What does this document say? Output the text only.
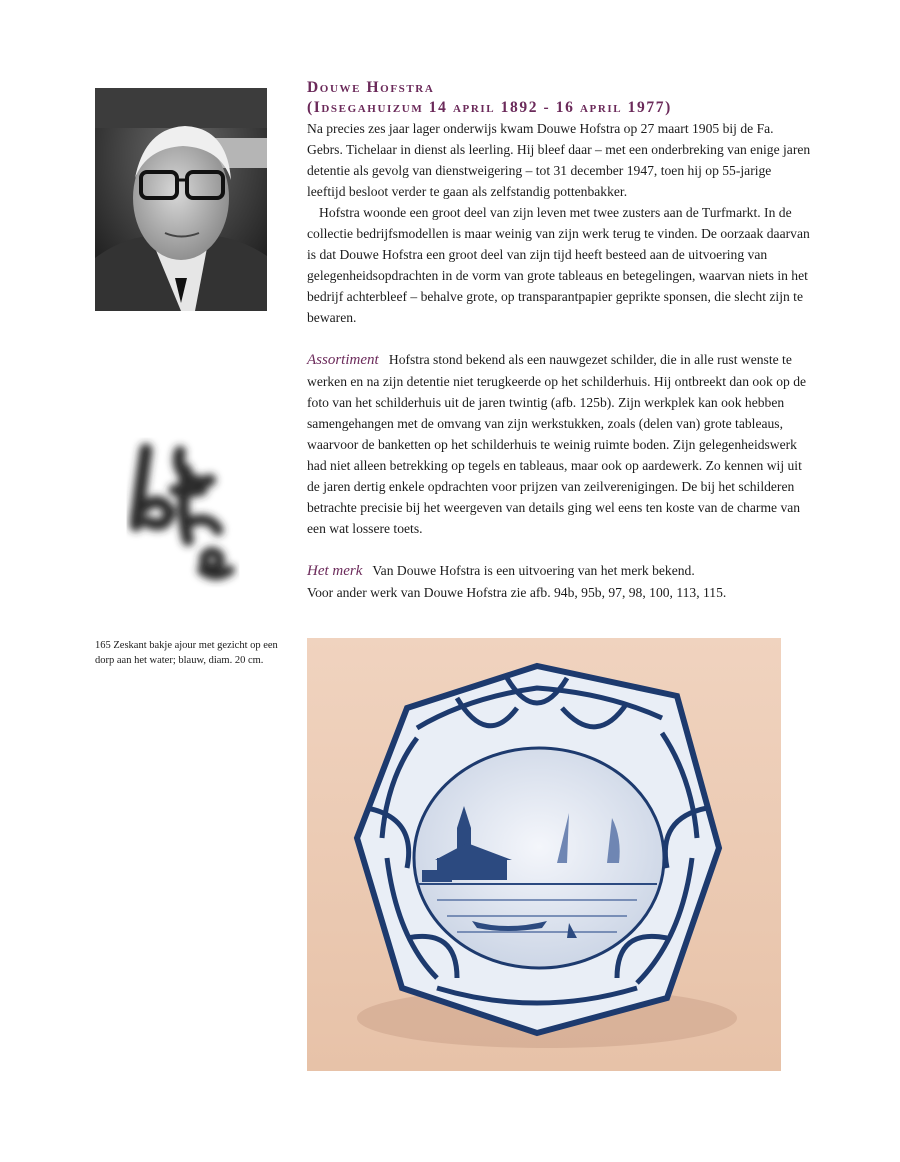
Douwe Hofstra
(Idsegahuizum 14 april 1892 - 16 april 1977)

Na precies zes jaar lager onderwijs kwam Douwe Hofstra op 27 maart 1905 bij de Fa. Gebrs. Tichelaar in dienst als leerling. Hij bleef daar – met een onderbreking van enige jaren detentie als gevolg van dienstweigering – tot 31 december 1947, toen hij op 55-jarige leeftijd besloot verder te gaan als zelfstandig pottenbakker.

Hofstra woonde een groot deel van zijn leven met twee zusters aan de Turfmarkt. In de collectie bedrijfsmodellen is maar weinig van zijn werk terug te vinden. De oorzaak daarvan is dat Douwe Hofstra een groot deel van zijn tijd heeft besteed aan de uitvoering van gelegenheidsopdrachten in de vorm van grote tableaus en betegelingen, waarvan niets in het bedrijf achterbleef – behalve grote, op transparantpapier geprikte sponsen, die slecht zijn te bewaren.

Assortiment Hofstra stond bekend als een nauwgezet schilder, die in alle rust wenste te werken en na zijn detentie niet terugkeerde op het schilderhuis. Hij ontbreekt dan ook op de foto van het schilderhuis uit de jaren twintig (afb. 125b). Zijn werkplek kan ook hebben samengehangen met de omvang van zijn werkstukken, zoals (delen van) grote tableaus, waarvoor de banketten op het schilderhuis te weinig ruimte boden. Zijn gelegenheidswerk had niet alleen betrekking op tegels en tableaus, maar ook op aardewerk. Zo kennen wij uit de jaren dertig enkele opdrachten voor prijzen van zeilverenigingen. De bij het schilderen betrachte precisie bij het weergeven van details ging wel eens ten koste van de charme van een wat lossere toets.

Het merk Van Douwe Hofstra is een uitvoering van het merk bekend.

Voor ander werk van Douwe Hofstra zie afb. 94b, 95b, 97, 98, 100, 113, 115.

165 Zeskant bakje ajour met gezicht op een dorp aan het water; blauw, diam. 20 cm.
